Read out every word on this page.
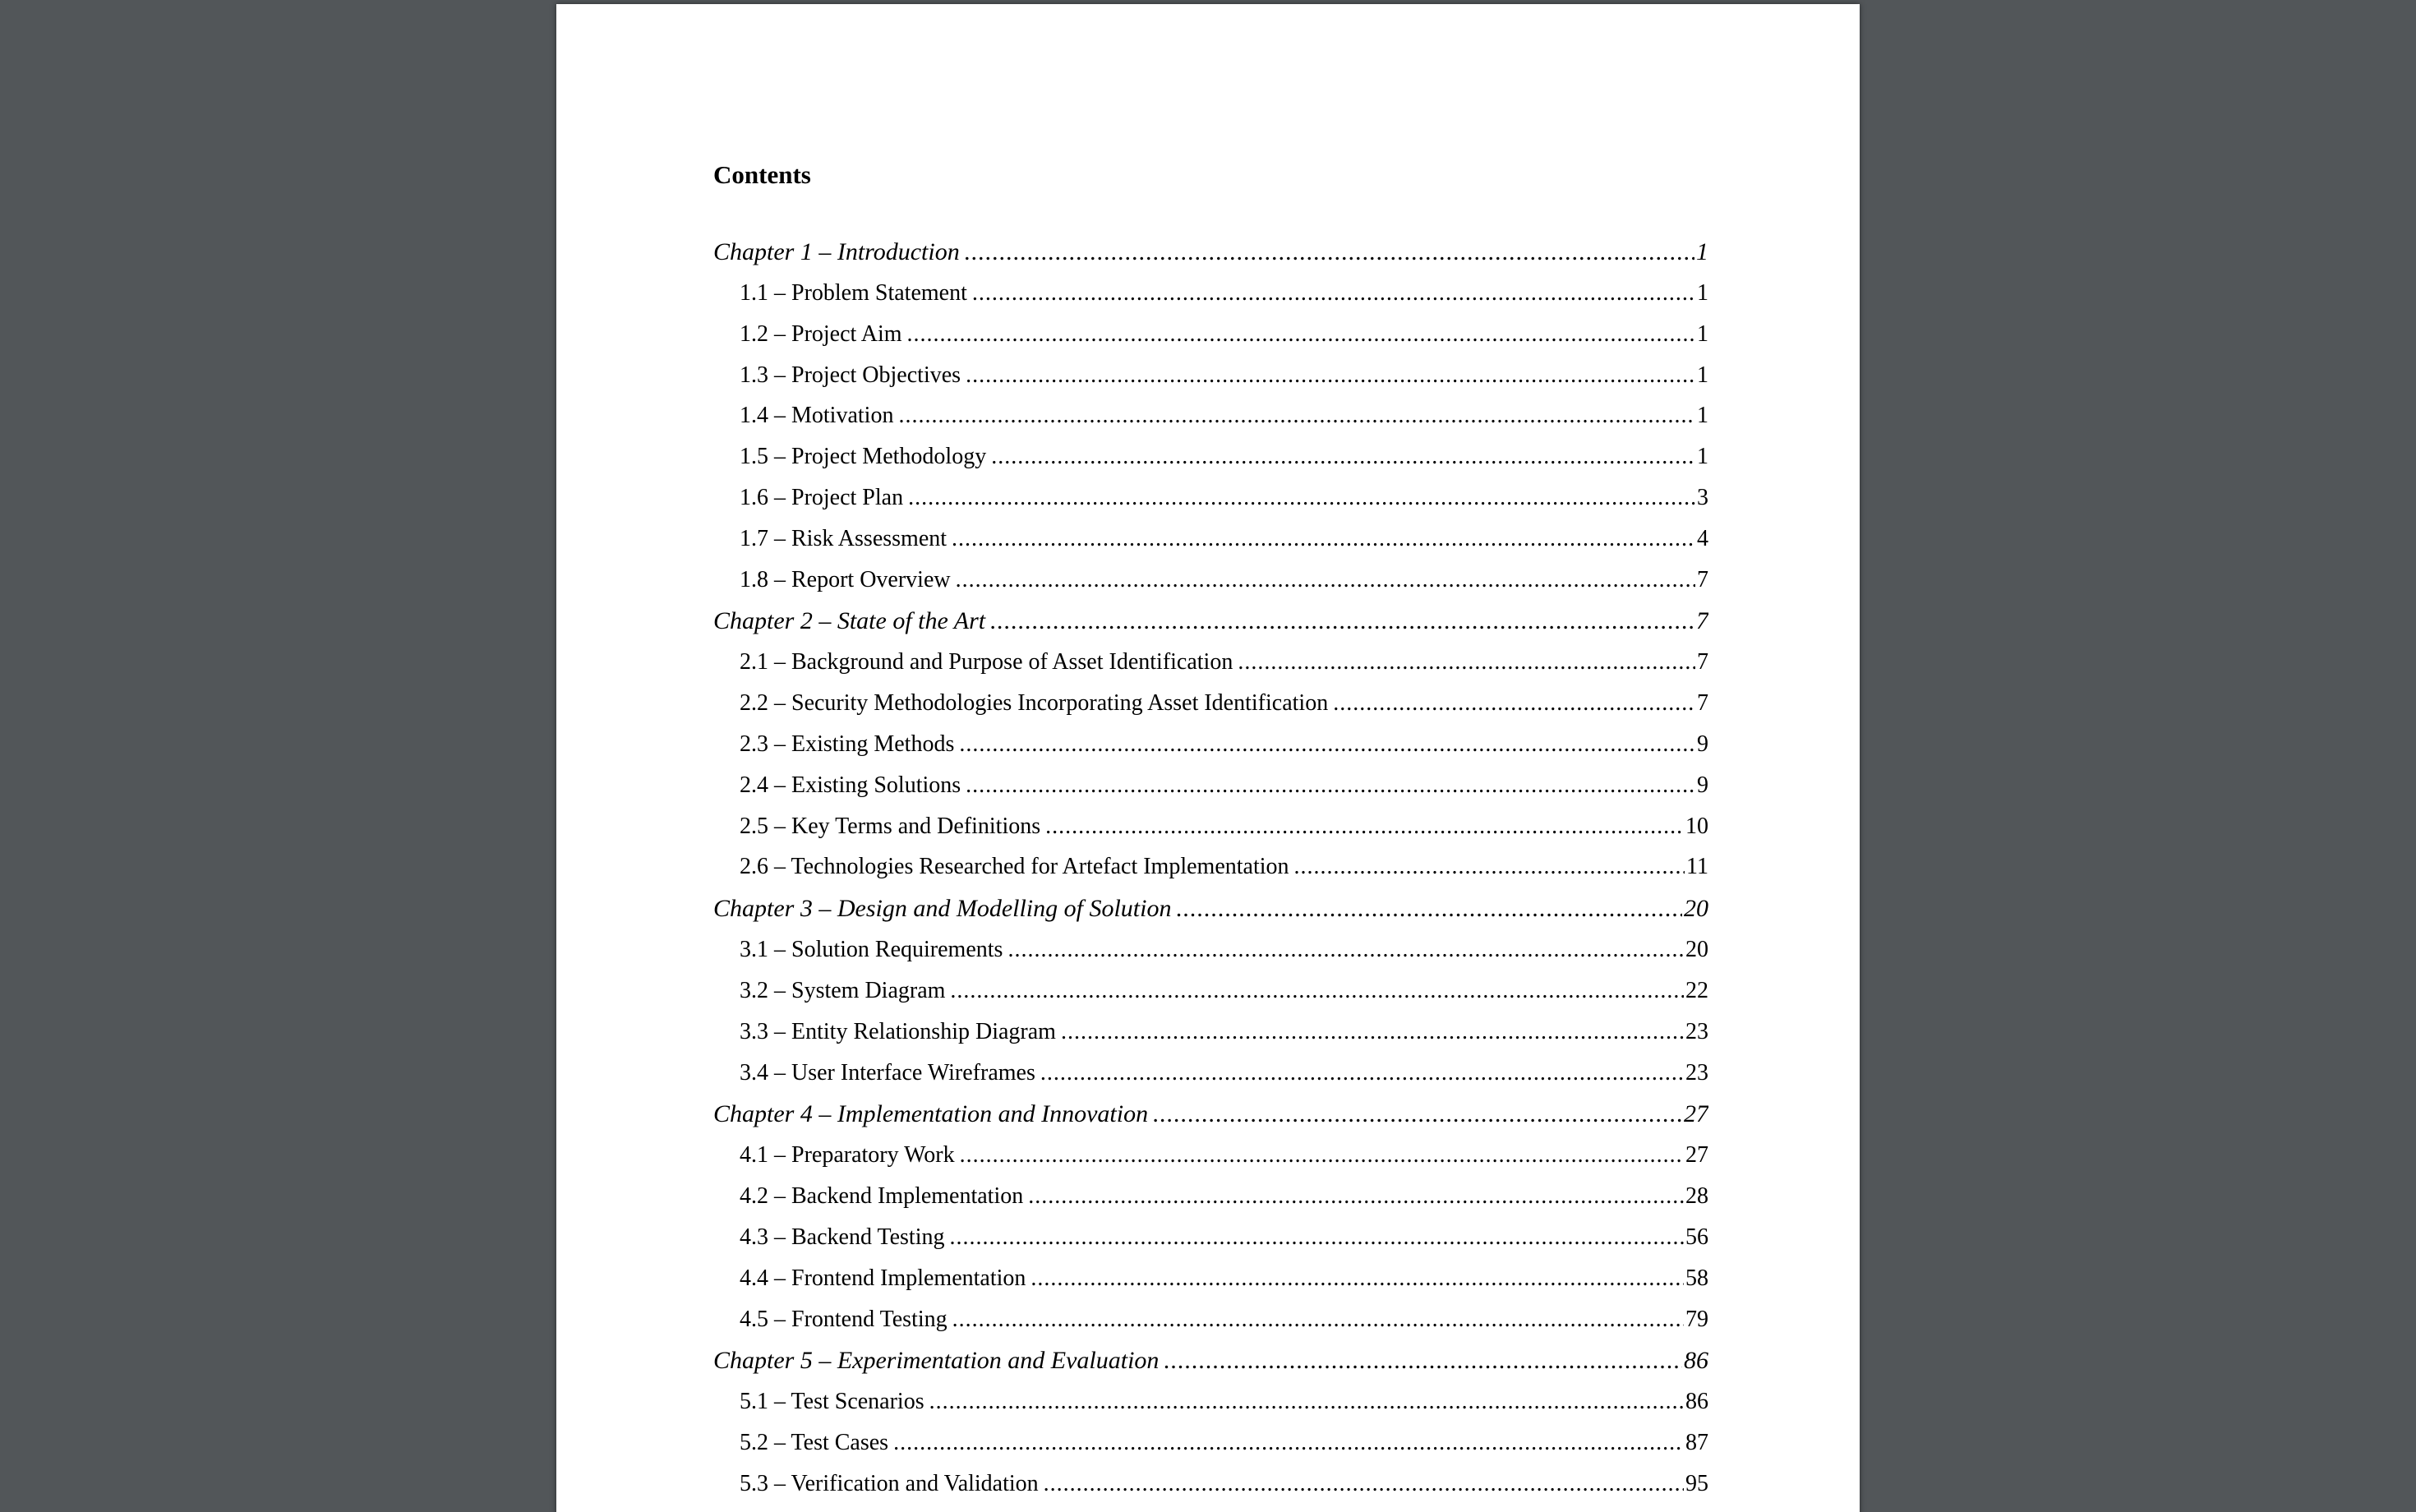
Contents
Chapter 1 – Introduction .....	1
1.1 – Problem Statement .....	1
1.2 – Project Aim .....	1
1.3 – Project Objectives .....	1
1.4 – Motivation .....	1
1.5 – Project Methodology .....	1
1.6 – Project Plan .....	3
1.7 – Risk Assessment .....	4
1.8 – Report Overview .....	7
Chapter 2 – State of the Art .....	7
2.1 – Background and Purpose of Asset Identification .....	7
2.2 – Security Methodologies Incorporating Asset Identification .....	7
2.3 – Existing Methods .....	9
2.4 – Existing Solutions .....	9
2.5 – Key Terms and Definitions .....	10
2.6 – Technologies Researched for Artefact Implementation .....	11
Chapter 3 – Design and Modelling of Solution .....	20
3.1 – Solution Requirements .....	20
3.2 – System Diagram .....	22
3.3 – Entity Relationship Diagram .....	23
3.4 – User Interface Wireframes .....	23
Chapter 4 – Implementation and Innovation .....	27
4.1 – Preparatory Work .....	27
4.2 – Backend Implementation .....	28
4.3 – Backend Testing .....	56
4.4 – Frontend Implementation .....	58
4.5 – Frontend Testing .....	79
Chapter 5 – Experimentation and Evaluation .....	86
5.1 – Test Scenarios .....	86
5.2 – Test Cases .....	87
5.3 – Verification and Validation .....	95
